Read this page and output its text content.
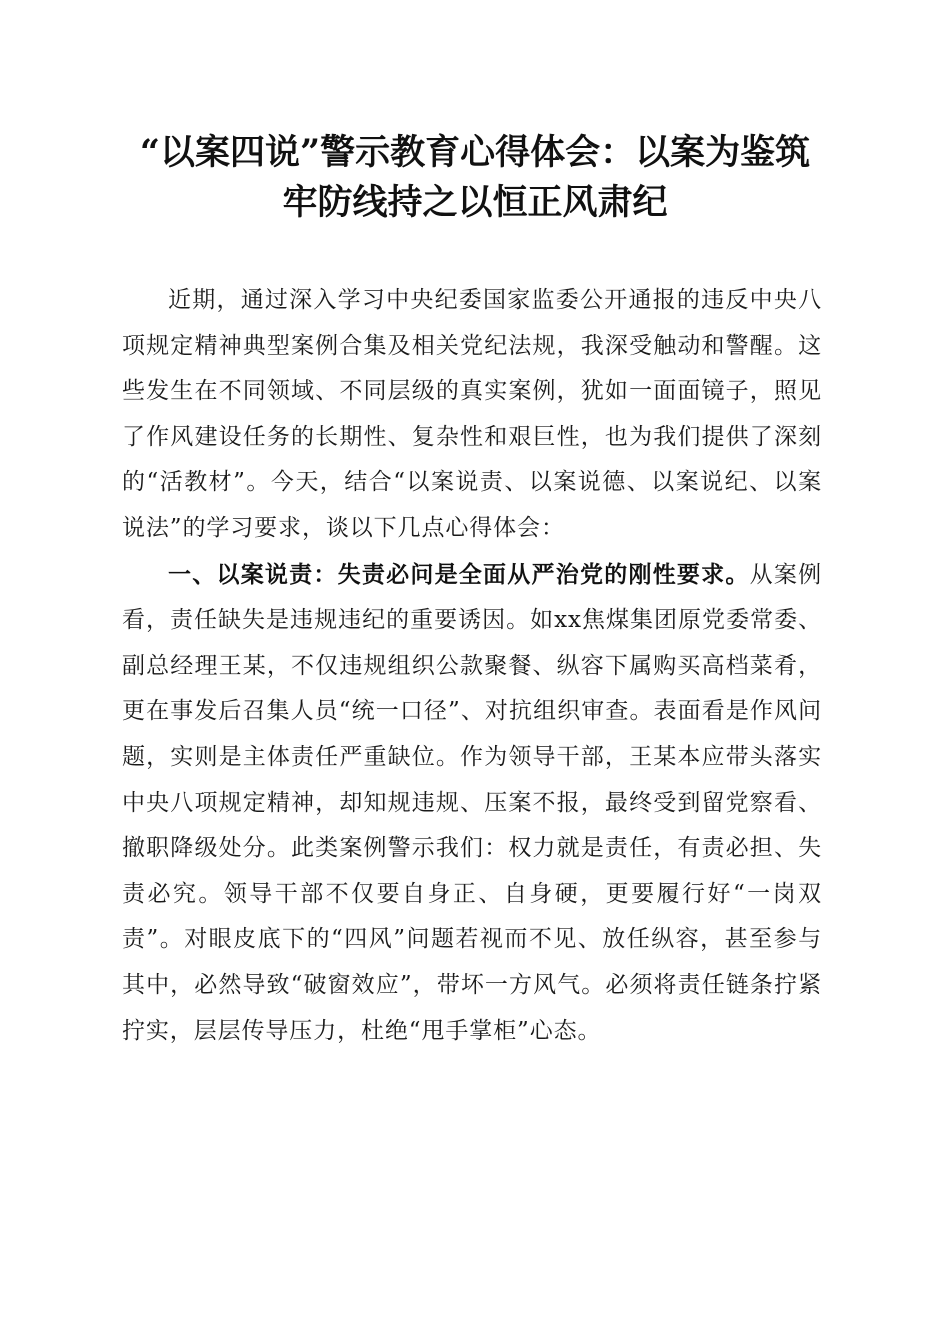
“以案四说”警示教育心得体会：以案为鉴筑
牢防线持之以恒正风肃纪

近期，通过深入学习中央纪委国家监委公开通报的违反中央八项规定精神典型案例合集及相关党纪法规，我深受触动和警醒。这些发生在不同领域、不同层级的真实案例，犹如一面面镜子，照见了作风建设任务的长期性、复杂性和艰巨性，也为我们提供了深刻的“活教材”。今天，结合“以案说责、以案说德、以案说纪、以案说法”的学习要求，谈以下几点心得体会：

一、以案说责：失责必问是全面从严治党的刚性要求。从案例看，责任缺失是违规违纪的重要诱因。如xx焦煤集团原党委常委、副总经理王某，不仅违规组织公款聚餐、纵容下属购买高档菜肴，更在事发后召集人员“统一口径”、对抗组织审查。表面看是作风问题，实则是主体责任严重缺位。作为领导干部，王某本应带头落实中央八项规定精神，却知规违规、压案不报，最终受到留党察看、撤职降级处分。此类案例警示我们：权力就是责任，有责必担、失责必究。领导干部不仅要自身正、自身硬，更要履行好“一岗双责”。对眼皮底下的“四风”问题若视而不见、放任纵容，甚至参与其中，必然导致“破窗效应”，带坏一方风气。必须将责任链条拧紧拧实，层层传导压力，杜绝“甩手掌柜”心态。
